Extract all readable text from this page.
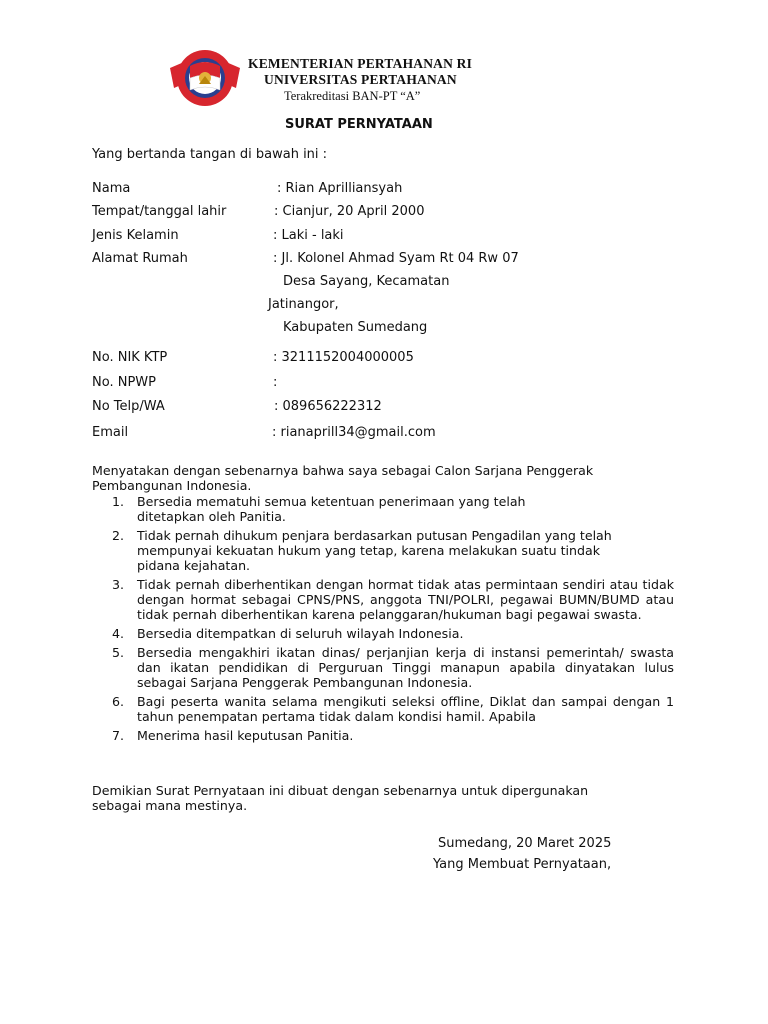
KEMENTERIAN PERTAHANAN RI
UNIVERSITAS PERTAHANAN
Terakreditasi BAN-PT “A”
SURAT PERNYATAAN
Yang bertanda tangan di bawah ini :
Nama	: Rian Aprilliansyah
Tempat/tanggal lahir	: Cianjur, 20 April 2000
Jenis Kelamin	: Laki - laki
Alamat Rumah	: Jl. Kolonel Ahmad Syam Rt 04 Rw 07
Desa Sayang, Kecamatan
Jatinangor,
Kabupaten Sumedang
No. NIK KTP	: 3211152004000005
No. NPWP	:
No Telp/WA	: 089656222312
Email	: rianaprill34@gmail.com
Menyatakan dengan sebenarnya bahwa saya sebagai Calon Sarjana Penggerak Pembangunan Indonesia.
1. Bersedia mematuhi semua ketentuan penerimaan yang telah ditetapkan oleh Panitia.
2. Tidak pernah dihukum penjara berdasarkan putusan Pengadilan yang telah mempunyai kekuatan hukum yang tetap, karena melakukan suatu tindak pidana kejahatan.
3. Tidak pernah diberhentikan dengan hormat tidak atas permintaan sendiri atau tidak dengan hormat sebagai CPNS/PNS, anggota TNI/POLRI, pegawai BUMN/BUMD atau tidak pernah diberhentikan karena pelanggaran/hukuman bagi pegawai swasta.
4. Bersedia ditempatkan di seluruh wilayah Indonesia.
5. Bersedia mengakhiri ikatan dinas/ perjanjian kerja di instansi pemerintah/ swasta dan ikatan pendidikan di Perguruan Tinggi manapun apabila dinyatakan lulus sebagai Sarjana Penggerak Pembangunan Indonesia.
6. Bagi peserta wanita selama mengikuti seleksi offline, Diklat dan sampai dengan 1 tahun penempatan pertama tidak dalam kondisi hamil. Apabila
7. Menerima hasil keputusan Panitia.
Demikian Surat Pernyataan ini dibuat dengan sebenarnya untuk dipergunakan sebagai mana mestinya.
Sumedang, 20 Maret 2025
Yang Membuat Pernyataan,
